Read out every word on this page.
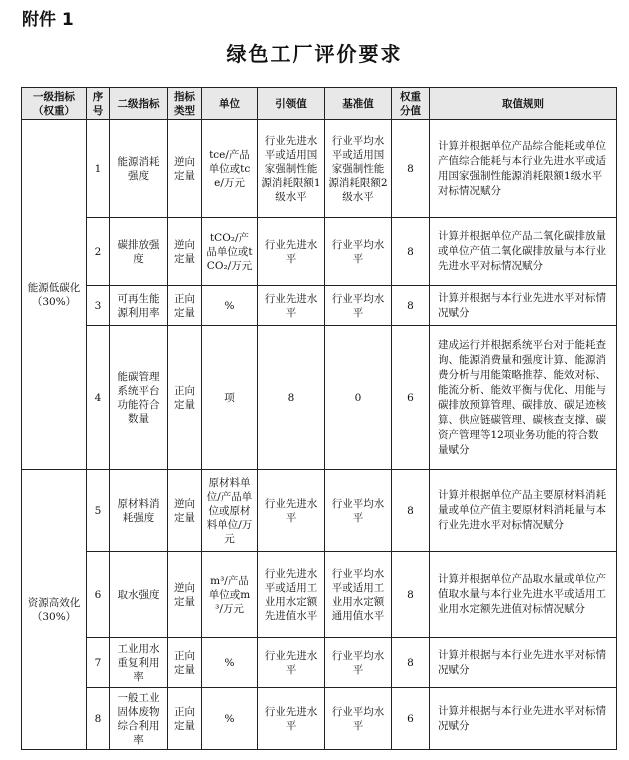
附件 1
绿色工厂评价要求
一级指标（权重）	序号	二级指标	指标类型	单位	引领值	基准值	权重分值	取值规则
能源低碳化（30%）	1	能源消耗强度	逆向定量	tce/产品单位或tce/万元	行业先进水平或适用国家强制性能源消耗限额1级水平	行业平均水平或适用国家强制性能源消耗限额2级水平	8	计算并根据单位产品综合能耗或单位产值综合能耗与本行业先进水平或适用国家强制性能源消耗限额1级水平对标情况赋分
	2	碳排放强度	逆向定量	tCO₂/产品单位或tCO₂/万元	行业先进水平	行业平均水平	8	计算并根据单位产品二氧化碳排放量或单位产值二氧化碳排放量与本行业先进水平对标情况赋分
	3	可再生能源利用率	正向定量	%	行业先进水平	行业平均水平	8	计算并根据与本行业先进水平对标情况赋分
	4	能碳管理系统平台功能符合数量	正向定量	项	8	0	6	建成运行并根据系统平台对于能耗查询、能源消费量和强度计算、能源消费分析与用能策略推荐、能效对标、能流分析、能效平衡与优化、用能与碳排放预算管理、碳排放、碳足迹核算、供应链碳管理、碳核查支撑、碳资产管理等12项业务功能的符合数量赋分
资源高效化（30%）	5	原材料消耗强度	逆向定量	原材料单位/产品单位或原材料单位/万元	行业先进水平	行业平均水平	8	计算并根据单位产品主要原材料消耗量或单位产值主要原材料消耗量与本行业先进水平对标情况赋分
	6	取水强度	逆向定量	m³/产品单位或m³/万元	行业先进水平或适用工业用水定额先进值水平	行业平均水平或适用工业用水定额通用值水平	8	计算并根据单位产品取水量或单位产值取水量与本行业先进水平或适用工业用水定额先进值对标情况赋分
	7	工业用水重复利用率	正向定量	%	行业先进水平	行业平均水平	8	计算并根据与本行业先进水平对标情况赋分
	8	一般工业固体废物综合利用率	正向定量	%	行业先进水平	行业平均水平	6	计算并根据与本行业先进水平对标情况赋分
